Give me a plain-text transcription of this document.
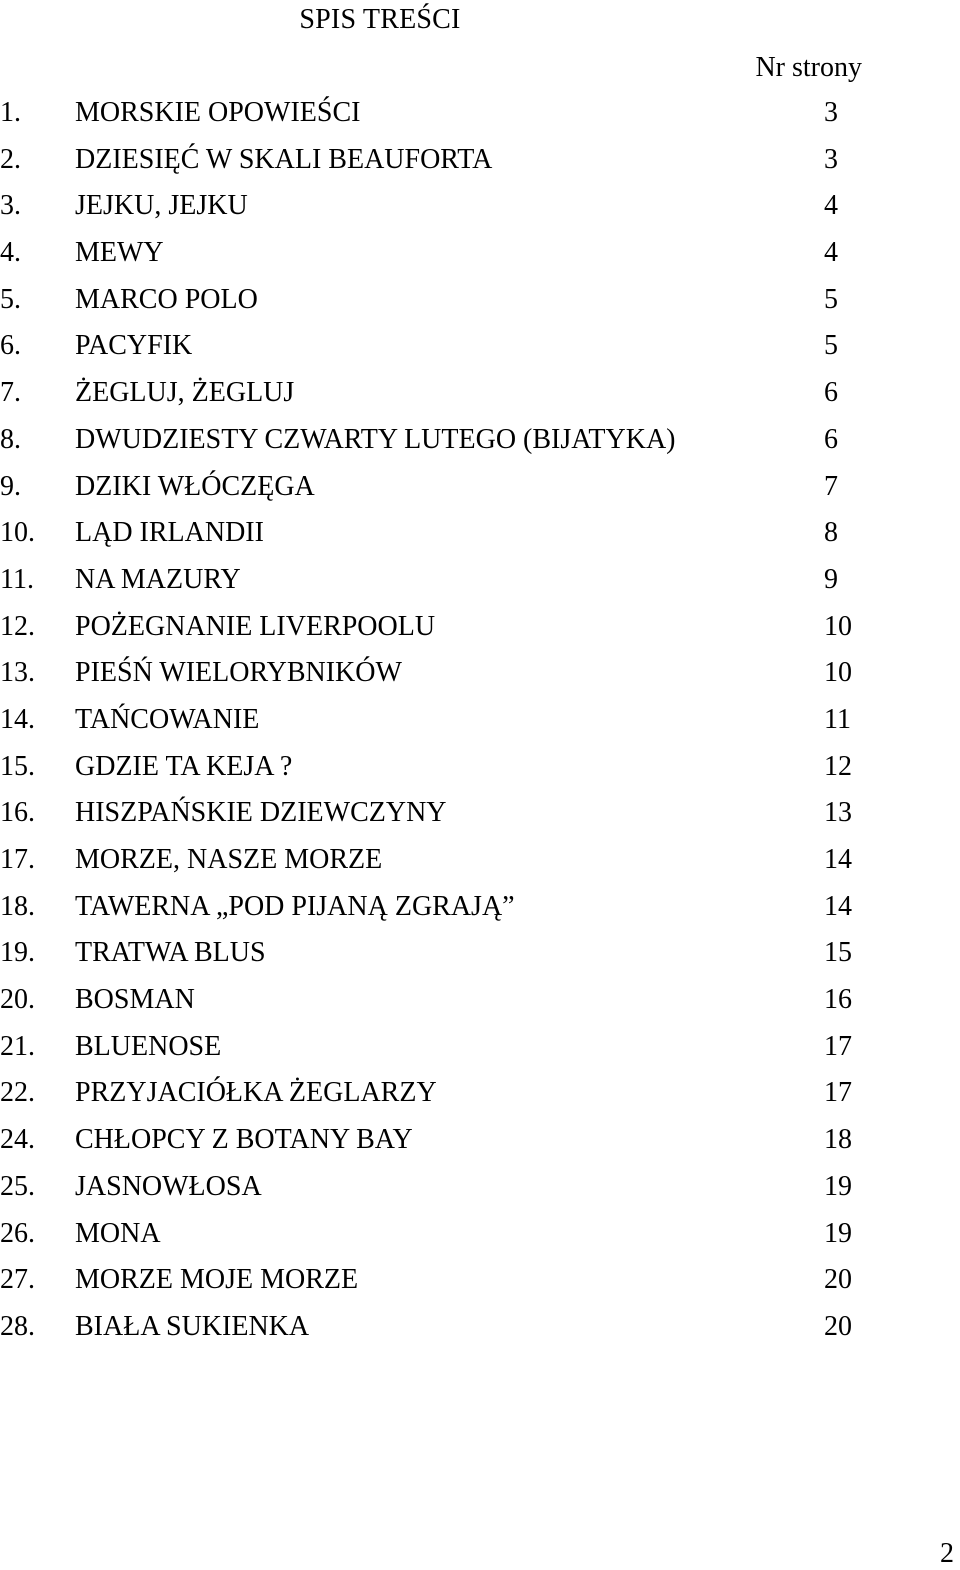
SPIS TREŚCI
Nr strony
1. MORSKIE OPOWIEŚCI	3
2. DZIESIĘĆ W SKALI BEAUFORTA	3
3. JEJKU, JEJKU	4
4. MEWY	4
5. MARCO POLO	5
6. PACYFIK	5
7. ŻEGLUJ, ŻEGLUJ	6
8. DWUDZIESTY CZWARTY LUTEGO (BIJATYKA)	6
9. DZIKI WŁÓCZĘGA	7
10. LĄD IRLANDII	8
11. NA MAZURY	9
12. POŻEGNANIE LIVERPOOLU	10
13. PIEŚŃ WIELORYBNIKÓW	10
14. TAŃCOWANIE	11
15. GDZIE TA KEJA ?	12
16. HISZPAŃSKIE DZIEWCZYNY	13
17. MORZE, NASZE MORZE	14
18. TAWERNA „POD PIJANĄ ZGRAJĄ”	14
19. TRATWA BLUS	15
20. BOSMAN	16
21. BLUENOSE	17
22. PRZYJACIÓŁKA ŻEGLARZY	17
24. CHŁOPCY Z BOTANY BAY	18
25. JASNOWŁOSA	19
26. MONA	19
27. MORZE MOJE MORZE	20
28. BIAŁA SUKIENKA	20
2
